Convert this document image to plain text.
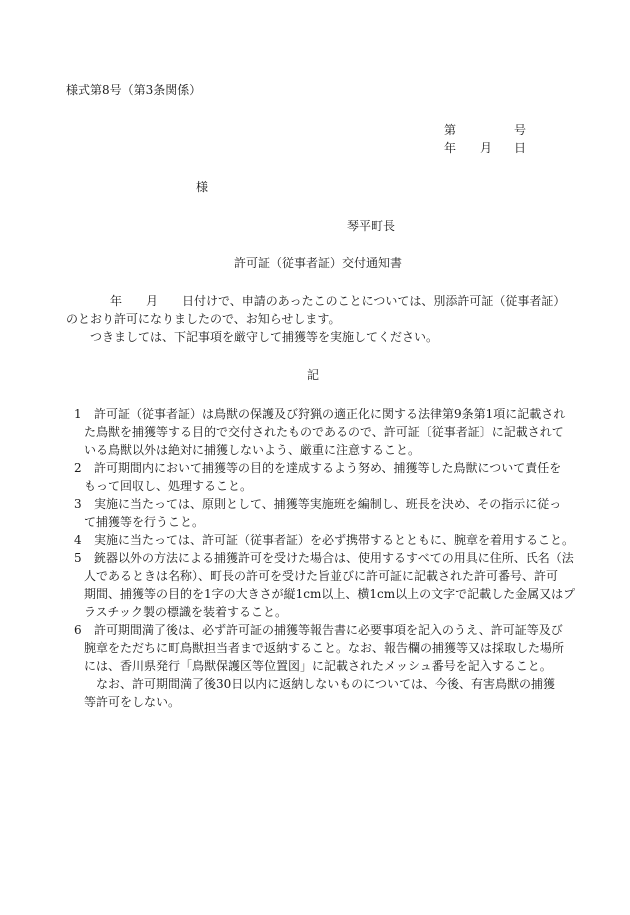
様式第8号（第3条関係）
第	号
年 月 日
様
琴平町長
許可証（従事者証）交付通知書
年　　月　　日付けで、申請のあったこのことについては、別添許可証（従事者証）
のとおり許可になりましたので、お知らせします。
　つきましては、下記事項を厳守して捕獲等を実施してください。
記
1 許可証（従事者証）は鳥獣の保護及び狩猟の適正化に関する法律第9条第1項に記載され
た鳥獣を捕獲等する目的で交付されたものであるので、許可証〔従事者証〕に記載されて
いる鳥獣以外は絶対に捕獲しないよう、厳重に注意すること。
2 許可期間内において捕獲等の目的を達成するよう努め、捕獲等した鳥獣について責任を
もって回収し、処理すること。
3 実施に当たっては、原則として、捕獲等実施班を編制し、班長を決め、その指示に従っ
て捕獲等を行うこと。
4 実施に当たっては、許可証（従事者証）を必ず携帯するとともに、腕章を着用すること。
5 銃器以外の方法による捕獲許可を受けた場合は、使用するすべての用具に住所、氏名（法
人であるときは名称）、町長の許可を受けた旨並びに許可証に記載された許可番号、許可
期間、捕獲等の目的を1字の大きさが縦1cm以上、横1cm以上の文字で記載した金属又はプ
ラスチック製の標識を装着すること。
6 許可期間満了後は、必ず許可証の捕獲等報告書に必要事項を記入のうえ、許可証等及び
腕章をただちに町鳥獣担当者まで返納すること。なお、報告欄の捕獲等又は採取した場所
には、香川県発行「鳥獣保護区等位置図」に記載されたメッシュ番号を記入すること。
なお、許可期間満了後30日以内に返納しないものについては、今後、有害鳥獣の捕獲
等許可をしない。
